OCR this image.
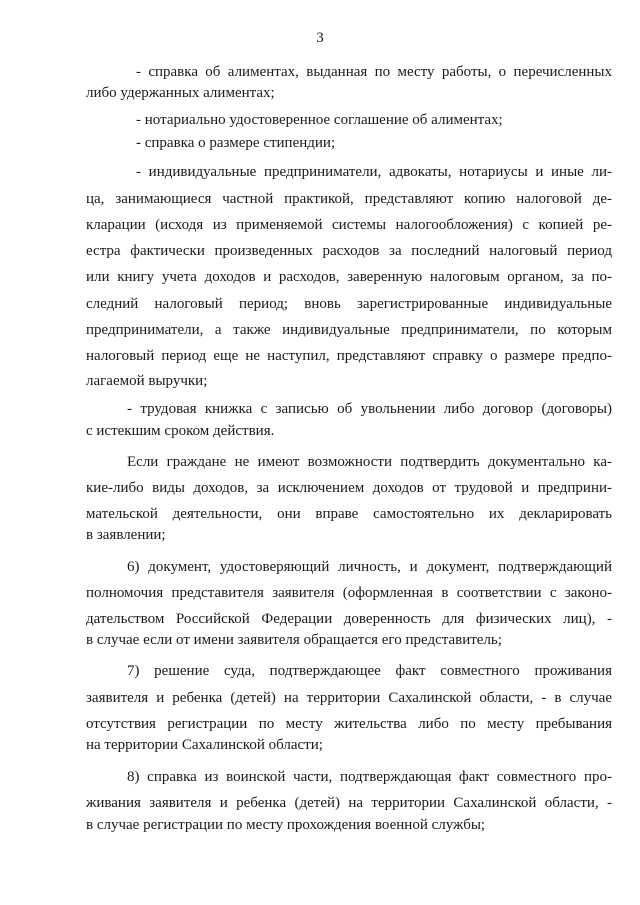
3
- справка об алиментах, выданная по месту работы, о перечисленных
либо удержанных алиментах;
- нотариально удостоверенное соглашение об алиментах;
- справка о размере стипендии;
- индивидуальные предприниматели, адвокаты, нотариусы и иные ли-
ца, занимающиеся частной практикой, представляют копию налоговой де-
кларации (исходя из применяемой системы налогообложения) с копией ре-
естра фактически произведенных расходов за последний налоговый период
или книгу учета доходов и расходов, заверенную налоговым органом, за по-
следний налоговый период; вновь зарегистрированные индивидуальные
предприниматели, а также индивидуальные предприниматели, по которым
налоговый период еще не наступил, представляют справку о размере предпо-
лагаемой выручки;
- трудовая книжка с записью об увольнении либо договор (договоры)
с истекшим сроком действия.
Если граждане не имеют возможности подтвердить документально ка-
кие-либо виды доходов, за исключением доходов от трудовой и предприни-
мательской деятельности, они вправе самостоятельно их декларировать
в заявлении;
6) документ, удостоверяющий личность, и документ, подтверждающий
полномочия представителя заявителя (оформленная в соответствии с законо-
дательством Российской Федерации доверенность для физических лиц), -
в случае если от имени заявителя обращается его представитель;
7) решение суда, подтверждающее факт совместного проживания
заявителя и ребенка (детей) на территории Сахалинской области, - в случае
отсутствия регистрации по месту жительства либо по месту пребывания
на территории Сахалинской области;
8) справка из воинской части, подтверждающая факт совместного про-
живания заявителя и ребенка (детей) на территории Сахалинской области, -
в случае регистрации по месту прохождения военной службы;
